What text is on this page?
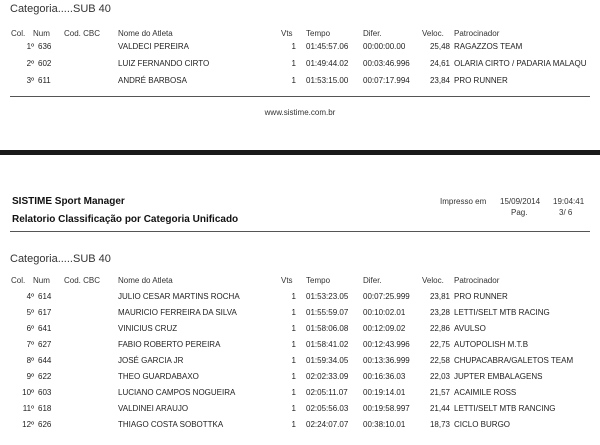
Categoria.....SUB 40
Col. Num Cod. CBC Nome do Atleta	Vts Tempo	Difer.	Veloc. Patrocinador
1º 636	VALDECI PEREIRA	1 01:45:57.06 00:00:00.00	25,48 RAGAZZOS TEAM
2º 602	LUIZ FERNANDO CIRTO	1 01:49:44.02 00:03:46.996	24,61 OLARIA CIRTO / PADARIA MALAQU
3º 611	ANDRÉ BARBOSA	1 01:53:15.00 00:07:17.994	23,84 PRO RUNNER
www.sistime.com.br
SISTIME Sport Manager
Relatorio Classificação por Categoria Unificado
Impresso em 15/09/2014 19:04:41
Pag.	3/ 6
Categoria.....SUB 40
Col. Num Cod. CBC Nome do Atleta	Vts Tempo	Difer.	Veloc. Patrocinador
4º 614	JULIO CESAR MARTINS ROCHA	1 01:53:23.05 00:07:25.999	23,81 PRO RUNNER
5º 617	MAURICIO FERREIRA DA SILVA	1 01:55:59.07 00:10:02.01	23,28 LETTI/SELT MTB RACING
6º 641	VINICIUS CRUZ	1 01:58:06.08 00:12:09.02	22,86 AVULSO
7º 627	FABIO ROBERTO PEREIRA	1 01:58:41.02 00:12:43.996	22,75 AUTOPOLISH M.T.B
8º 644	JOSÉ GARCIA JR	1 01:59:34.05 00:13:36.999	22,58 CHUPACABRA/GALETOS TEAM
9º 622	THEO GUARDABAXO	1 02:02:33.09 00:16:36.03	22,03 JUPTER EMBALAGENS
10º 603	LUCIANO CAMPOS NOGUEIRA	1 02:05:11.07 00:19:14.01	21,57 ACAIMILE ROSS
11º 618	VALDINEI ARAUJO	1 02:05:56.03 00:19:58.997	21,44 LETTI/SELT MTB RANCING
12º 626	THIAGO COSTA SOBOTTKA	1 02:24:07.07 00:38:10.01	18,73 CICLO BURGO
